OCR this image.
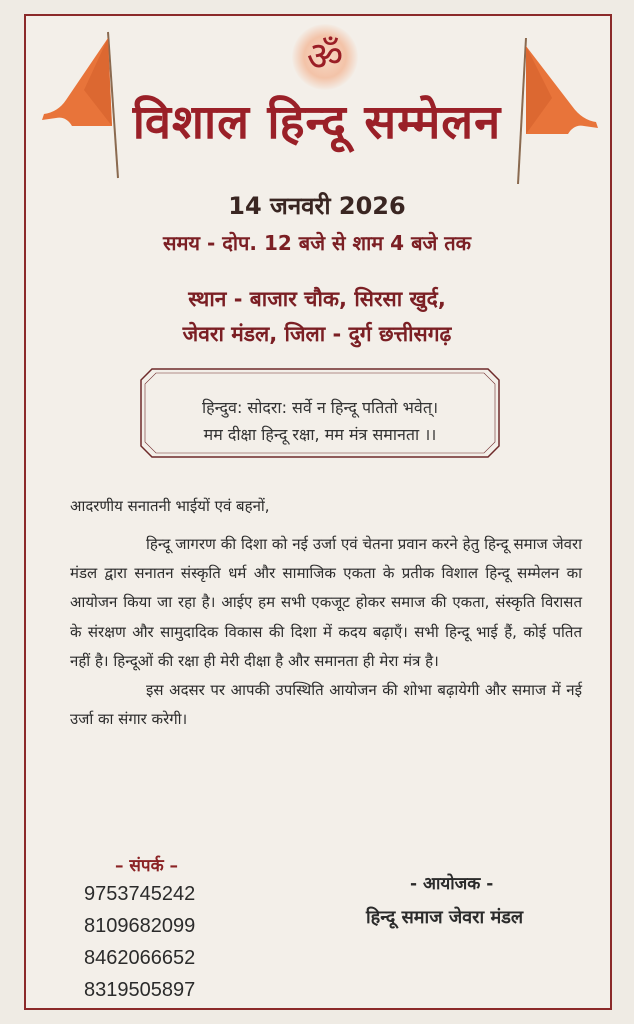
ॐ
विशाल हिन्दू सम्मेलन
14 जनवरी 2026
समय - दोप. 12 बजे से शाम 4 बजे तक
स्थान - बाजार चौक, सिरसा खुर्द,
जेवरा मंडल, जिला - दुर्ग छत्तीसगढ़
हिन्दुव: सोदरा: सर्वे न हिन्दू पतितो भवेत्।
मम दीक्षा हिन्दू रक्षा, मम मंत्र समानता ।।
आदरणीय सनातनी भाईयों एवं बहनों,

हिन्दू जागरण की दिशा को नई उर्जा एवं चेतना प्रवान करने हेतु हिन्दू समाज जेवरा मंडल द्वारा सनातन संस्कृति धर्म और सामाजिक एकता के प्रतीक विशाल हिन्दू सम्मेलन का आयोजन किया जा रहा है। आईए हम सभी एकजूट होकर समाज की एकता, संस्कृति विरासत के संरक्षण और सामुदादिक विकास की दिशा में कदय बढ़ाएँ। सभी हिन्दू भाई हैं, कोई पतित नहीं है। हिन्दूओं की रक्षा ही मेरी दीक्षा है और समानता ही मेरा मंत्र है।

इस अदसर पर आपकी उपस्थिति आयोजन की शोभा बढ़ायेगी और समाज में नई उर्जा का संगार करेगी।

– संपर्क –
9753745242
8109682099
8462066652
8319505897
- आयोजक -
हिन्दू समाज जेवरा मंडल
